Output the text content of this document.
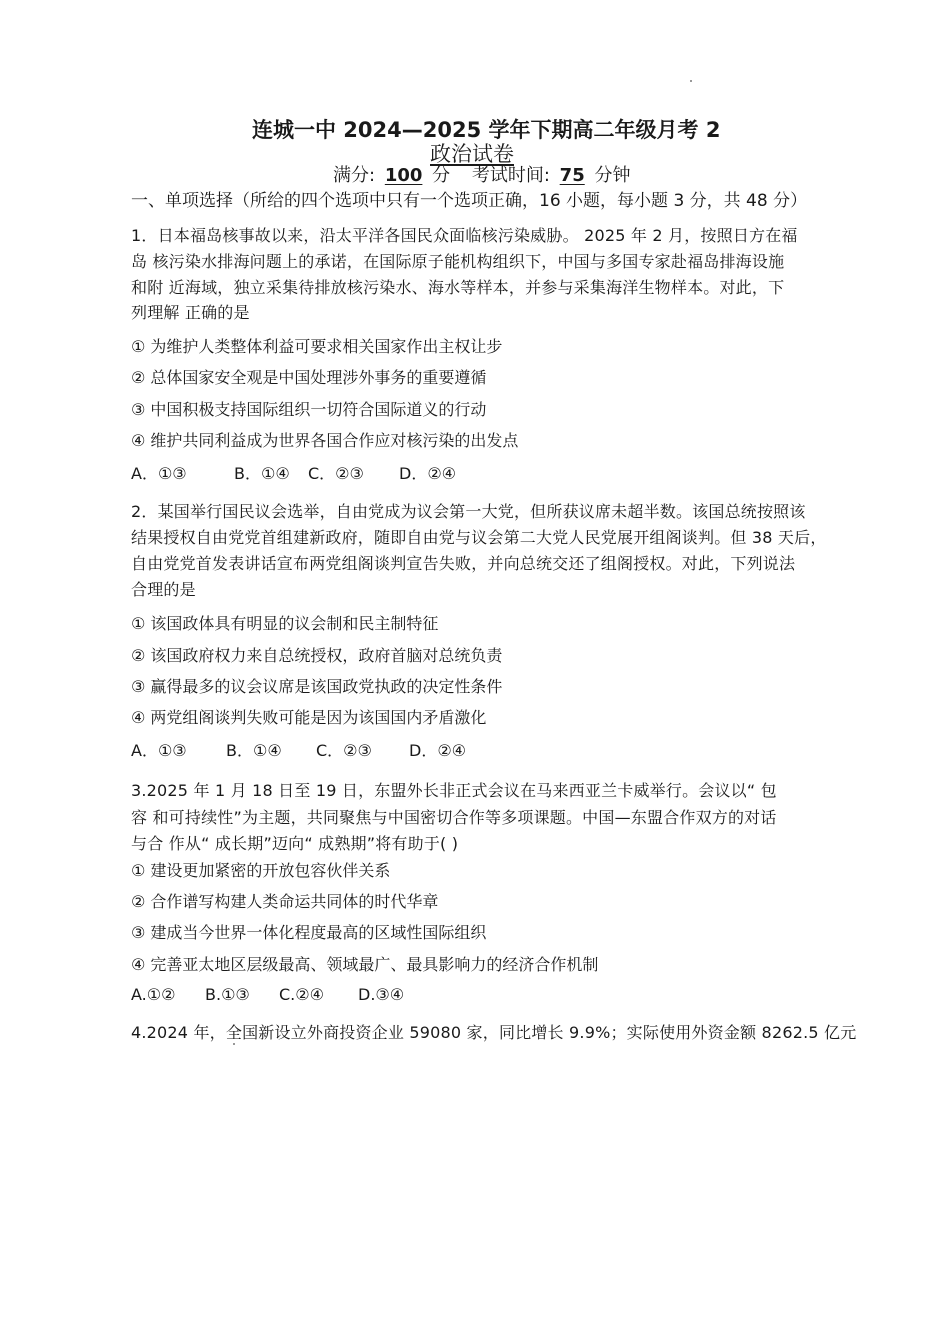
连城一中 2024—2025 学年下期高二年级月考 2
政治试卷
满分: 100 分 考试时间: 75 分钟
一、单项选择（所给的四个选项中只有一个选项正确，16 小题，每小题 3 分，共 48 分）
1．日本福岛核事故以来，沿太平洋各国民众面临核污染威胁。 2025 年 2 月，按照日方在福
岛 核污染水排海问题上的承诺，在国际原子能机构组织下，中国与多国专家赴福岛排海设施
和附 近海域，独立采集待排放核污染水、海水等样本，并参与采集海洋生物样本。对此，下
列理解 正确的是
① 为维护人类整体利益可要求相关国家作出主权让步
② 总体国家安全观是中国处理涉外事务的重要遵循
③ 中国积极支持国际组织一切符合国际道义的行动
④ 维护共同利益成为世界各国合作应对核污染的出发点
A．①③	B．①④ C．②③ D．②④
2．某国举行国民议会选举，自由党成为议会第一大党，但所获议席未超半数。该国总统按照该
结果授权自由党党首组建新政府，随即自由党与议会第二大党人民党展开组阁谈判。但 38 天后，
自由党党首发表讲话宣布两党组阁谈判宣告失败，并向总统交还了组阁授权。对此，下列说法
合理的是
① 该国政体具有明显的议会制和民主制特征
② 该国政府权力来自总统授权，政府首脑对总统负责
③ 赢得最多的议会议席是该国政党执政的决定性条件
④ 两党组阁谈判失败可能是因为该国国内矛盾激化
A．①③ B．①④ C．②③ D．②④
3.2025 年 1 月 18 日至 19 日，东盟外长非正式会议在马来西亚兰卡威举行。会议以“ 包
容 和可持续性”为主题，共同聚焦与中国密切合作等多项课题。中国—东盟合作双方的对话
与合 作从“ 成长期”迈向“ 成熟期”将有助于( )
① 建设更加紧密的开放包容伙伴关系
② 合作谱写构建人类命运共同体的时代华章
③ 建成当今世界一体化程度最高的区域性国际组织
④ 完善亚太地区层级最高、领域最广、最具影响力的经济合作机制
A.①② B.①③ C.②④ D.③④
4.2024 年，全国新设立外商投资企业 59080 家，同比增长 9.9%；实际使用外资金额 8262.5 亿元
